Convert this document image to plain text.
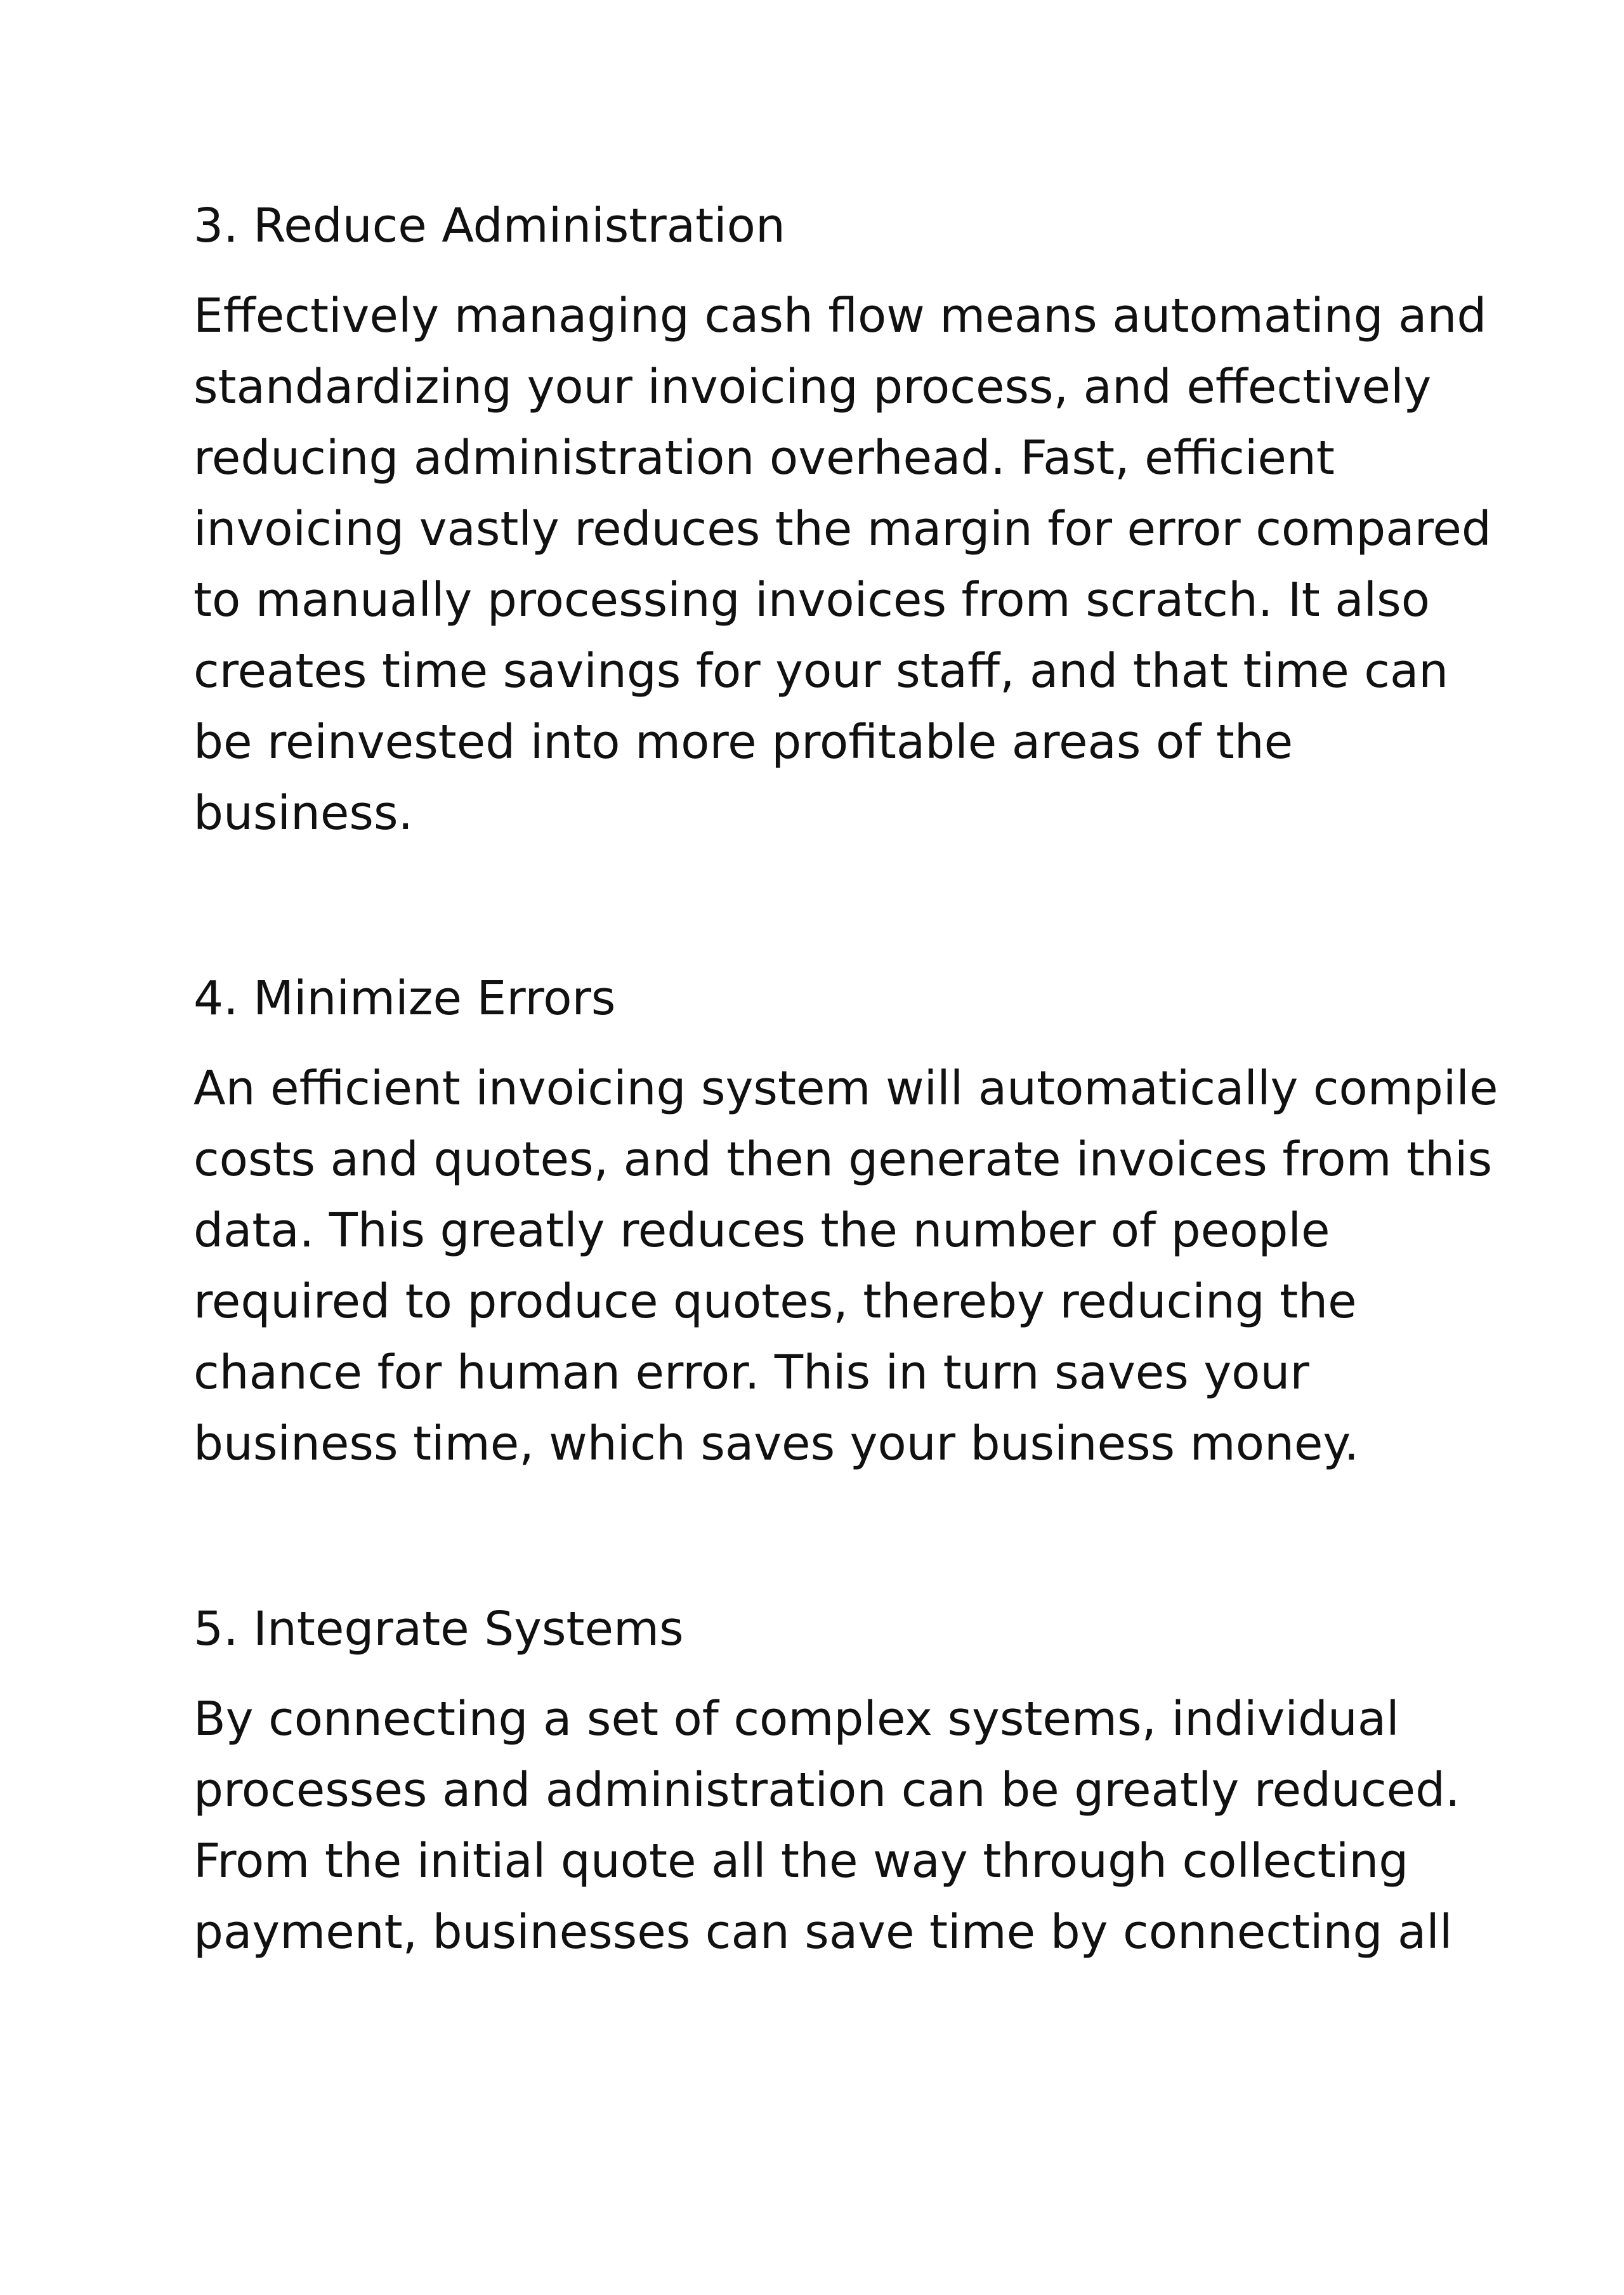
3. Reduce Administration

Effectively managing cash flow means automating and
standardizing your invoicing process, and effectively
reducing administration overhead. Fast, efficient
invoicing vastly reduces the margin for error compared
to manually processing invoices from scratch. It also
creates time savings for your staff, and that time can
be reinvested into more profitable areas of the
business.

4. Minimize Errors

An efficient invoicing system will automatically compile
costs and quotes, and then generate invoices from this
data. This greatly reduces the number of people
required to produce quotes, thereby reducing the
chance for human error. This in turn saves your
business time, which saves your business money.

5. Integrate Systems

By connecting a set of complex systems, individual
processes and administration can be greatly reduced.
From the initial quote all the way through collecting
payment, businesses can save time by connecting all
